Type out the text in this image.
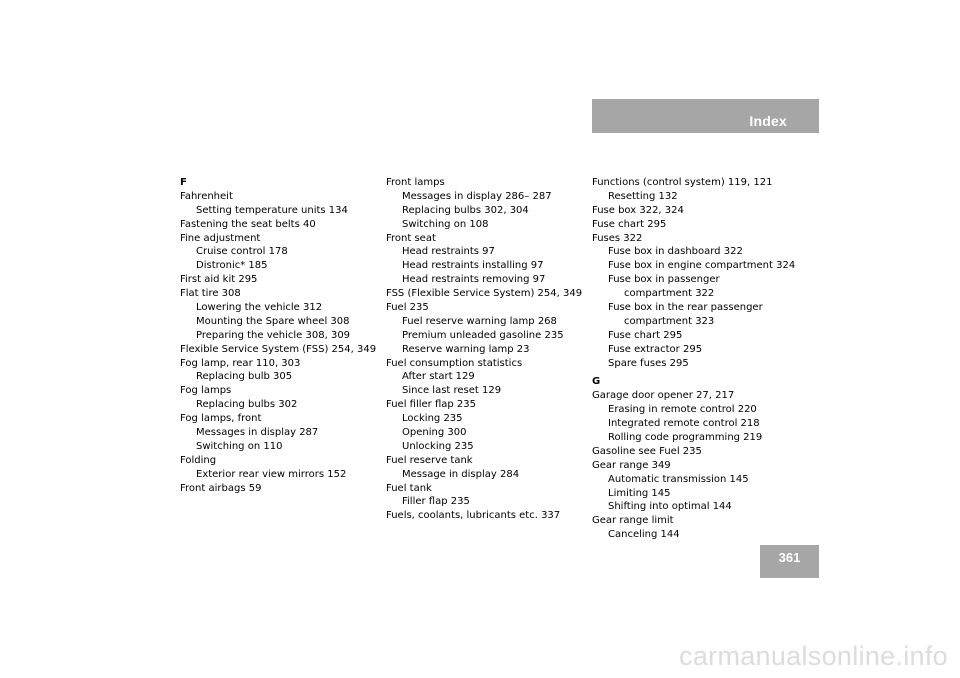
Index
F
Fahrenheit
Setting temperature units 134
Fastening the seat belts 40
Fine adjustment
Cruise control 178
Distronic* 185
First aid kit 295
Flat tire 308
Lowering the vehicle 312
Mounting the Spare wheel 308
Preparing the vehicle 308, 309
Flexible Service System (FSS) 254, 349
Fog lamp, rear 110, 303
Replacing bulb 305
Fog lamps
Replacing bulbs 302
Fog lamps, front
Messages in display 287
Switching on 110
Folding
Exterior rear view mirrors 152
Front airbags 59
Front lamps
Messages in display 286– 287
Replacing bulbs 302, 304
Switching on 108
Front seat
Head restraints 97
Head restraints installing 97
Head restraints removing 97
FSS (Flexible Service System) 254, 349
Fuel 235
Fuel reserve warning lamp 268
Premium unleaded gasoline 235
Reserve warning lamp 23
Fuel consumption statistics
After start 129
Since last reset 129
Fuel filler flap 235
Locking 235
Opening 300
Unlocking 235
Fuel reserve tank
Message in display 284
Fuel tank
Filler flap 235
Fuels, coolants, lubricants etc. 337
Functions (control system) 119, 121
Resetting 132
Fuse box 322, 324
Fuse chart 295
Fuses 322
Fuse box in dashboard 322
Fuse box in engine compartment 324
Fuse box in passenger
compartment 322
Fuse box in the rear passenger
compartment 323
Fuse chart 295
Fuse extractor 295
Spare fuses 295
G
Garage door opener 27, 217
Erasing in remote control 220
Integrated remote control 218
Rolling code programming 219
Gasoline see Fuel 235
Gear range 349
Automatic transmission 145
Limiting 145
Shifting into optimal 144
Gear range limit
Canceling 144
361
carmanualsonline.info
